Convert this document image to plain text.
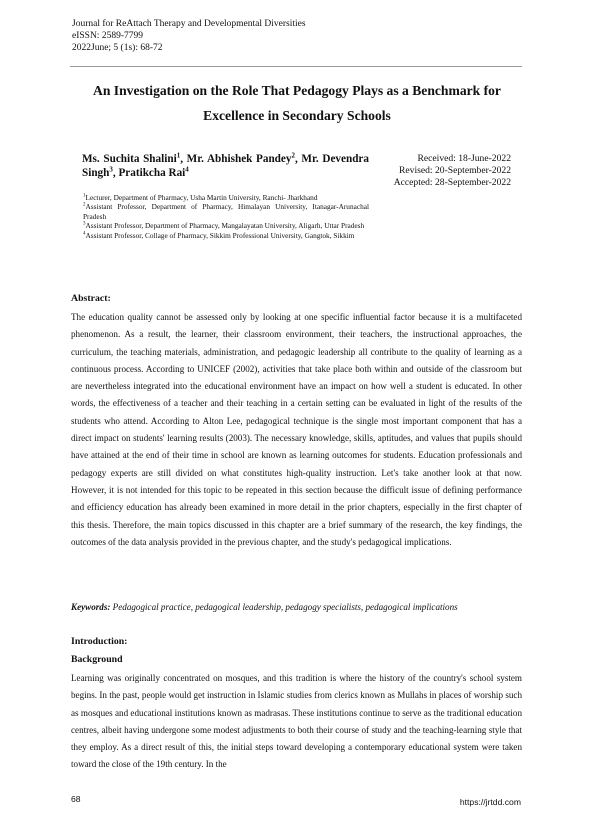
Journal for ReAttach Therapy and Developmental Diversities
eISSN: 2589-7799
2022June; 5 (1s): 68-72
An Investigation on the Role That Pedagogy Plays as a Benchmark for
Excellence in Secondary Schools
Ms. Suchita Shalini$^1$, Mr. Abhishek Pandey$^2$, Mr. Devendra Singh$^3$, Pratikcha Rai$^4$
Received: 18-June-2022
Revised: 20-September-2022
Accepted: 28-September-2022
$^1$Lecturer, Department of Pharmacy, Usha Martin University, Ranchi- Jharkhand
$^2$Assistant Professor, Department of Pharmacy, Himalayan University, Itanagar-Arunachal Pradesh
$^3$Assistant Professor, Department of Pharmacy, Mangalayatan University, Aligarh, Uttar Pradesh
$^4$Assistant Professor, Collage of Pharmacy, Sikkim Professional University, Gangtok, Sikkim
Abstract:
The education quality cannot be assessed only by looking at one specific influential factor because it is a multifaceted phenomenon. As a result, the learner, their classroom environment, their teachers, the instructional approaches, the curriculum, the teaching materials, administration, and pedagogic leadership all contribute to the quality of learning as a continuous process. According to UNICEF (2002), activities that take place both within and outside of the classroom but are nevertheless integrated into the educational environment have an impact on how well a student is educated. In other words, the effectiveness of a teacher and their teaching in a certain setting can be evaluated in light of the results of the students who attend. According to Alton Lee, pedagogical technique is the single most important component that has a direct impact on students' learning results (2003). The necessary knowledge, skills, aptitudes, and values that pupils should have attained at the end of their time in school are known as learning outcomes for students. Education professionals and pedagogy experts are still divided on what constitutes high-quality instruction. Let's take another look at that now. However, it is not intended for this topic to be repeated in this section because the difficult issue of defining performance and efficiency education has already been examined in more detail in the prior chapters, especially in the first chapter of this thesis. Therefore, the main topics discussed in this chapter are a brief summary of the research, the key findings, the outcomes of the data analysis provided in the previous chapter, and the study's pedagogical implications.
Keywords: Pedagogical practice, pedagogical leadership, pedagogy specialists, pedagogical implications
Introduction:
Background
Learning was originally concentrated on mosques, and this tradition is where the history of the country's school system begins. In the past, people would get instruction in Islamic studies from clerics known as Mullahs in places of worship such as mosques and educational institutions known as madrasas. These institutions continue to serve as the traditional education centres, albeit having undergone some modest adjustments to both their course of study and the teaching-learning style that they employ. As a direct result of this, the initial steps toward developing a contemporary educational system were taken toward the close of the 19th century. In the
68	https://jrtdd.com
